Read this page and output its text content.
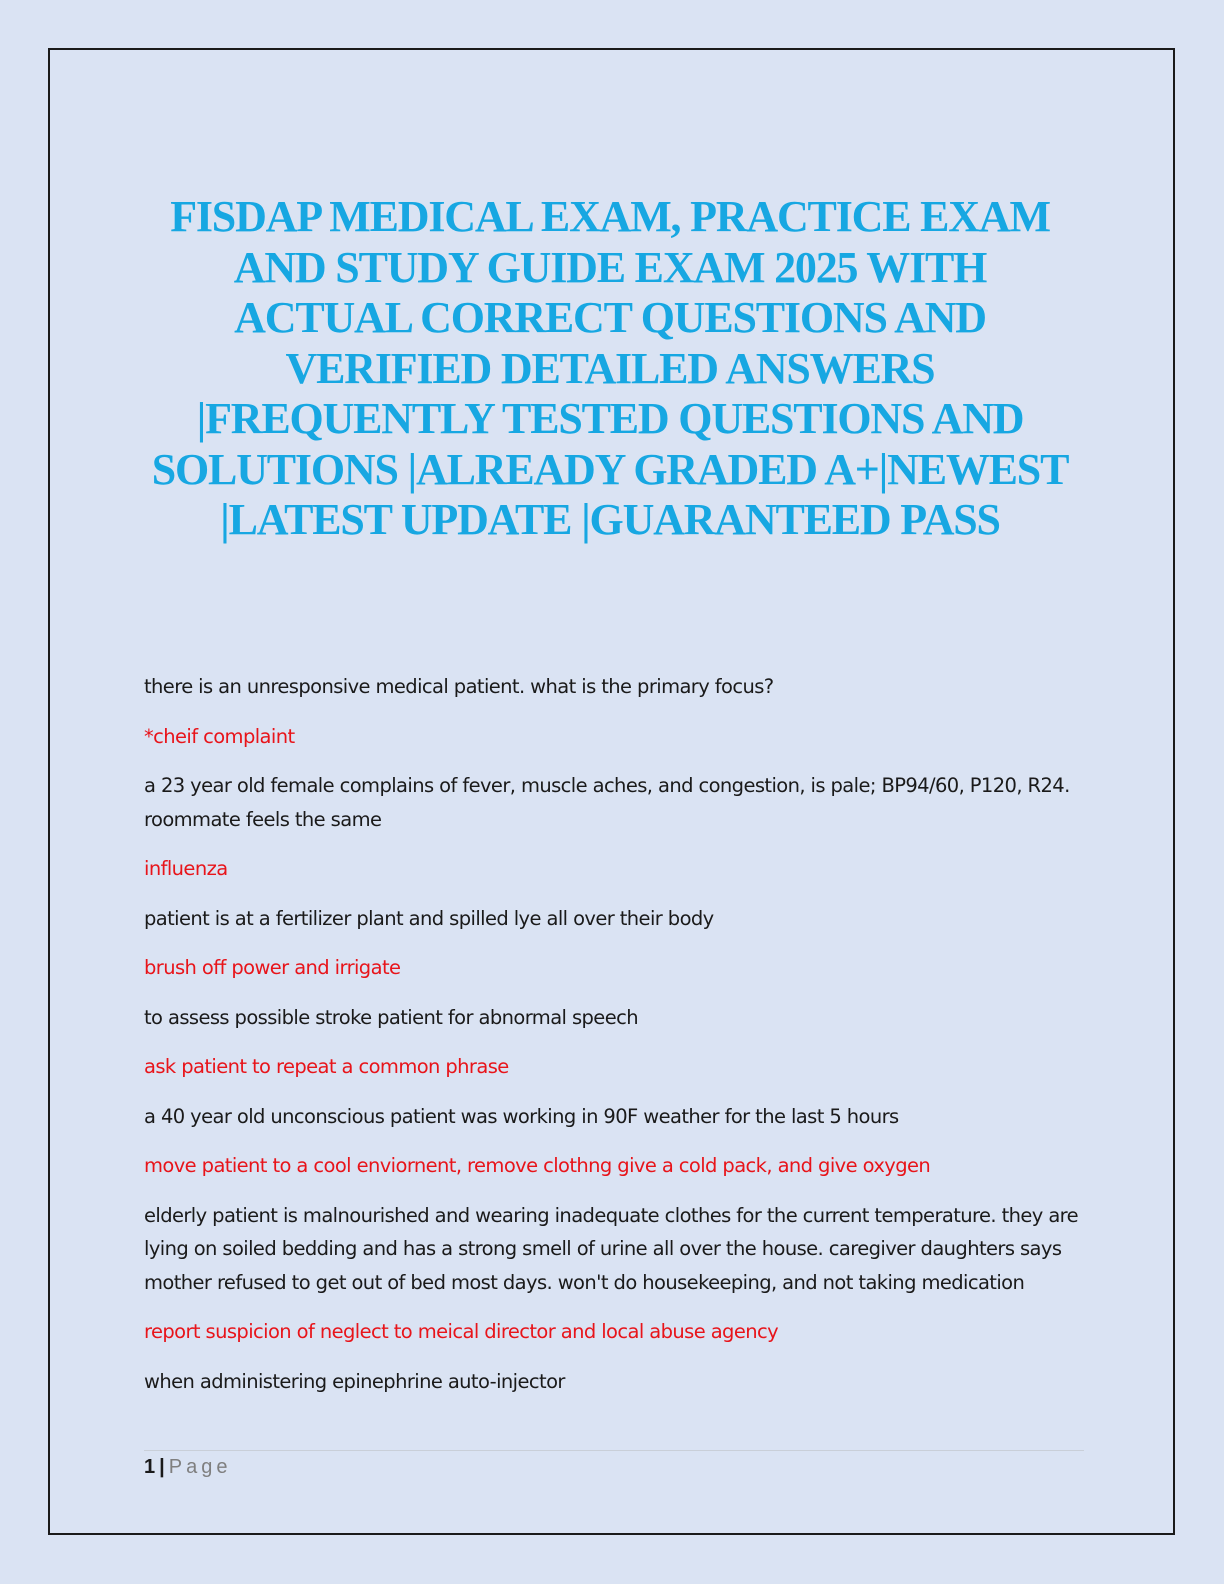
FISDAP MEDICAL EXAM, PRACTICE EXAM
AND STUDY GUIDE EXAM 2025 WITH
ACTUAL CORRECT QUESTIONS AND
VERIFIED DETAILED ANSWERS
|FREQUENTLY TESTED QUESTIONS AND
SOLUTIONS |ALREADY GRADED A+|NEWEST
|LATEST UPDATE |GUARANTEED PASS

there is an unresponsive medical patient. what is the primary focus?

*cheif complaint

a 23 year old female complains of fever, muscle aches, and congestion, is pale; BP94/60, P120, R24. roommate feels the same

influenza

patient is at a fertilizer plant and spilled lye all over their body

brush off power and irrigate

to assess possible stroke patient for abnormal speech

ask patient to repeat a common phrase

a 40 year old unconscious patient was working in 90F weather for the last 5 hours

move patient to a cool enviornent, remove clothng give a cold pack, and give oxygen

elderly patient is malnourished and wearing inadequate clothes for the current temperature. they are lying on soiled bedding and has a strong smell of urine all over the house. caregiver daughters says mother refused to get out of bed most days. won't do housekeeping, and not taking medication

report suspicion of neglect to meical director and local abuse agency

when administering epinephrine auto-injector

1 | Page
